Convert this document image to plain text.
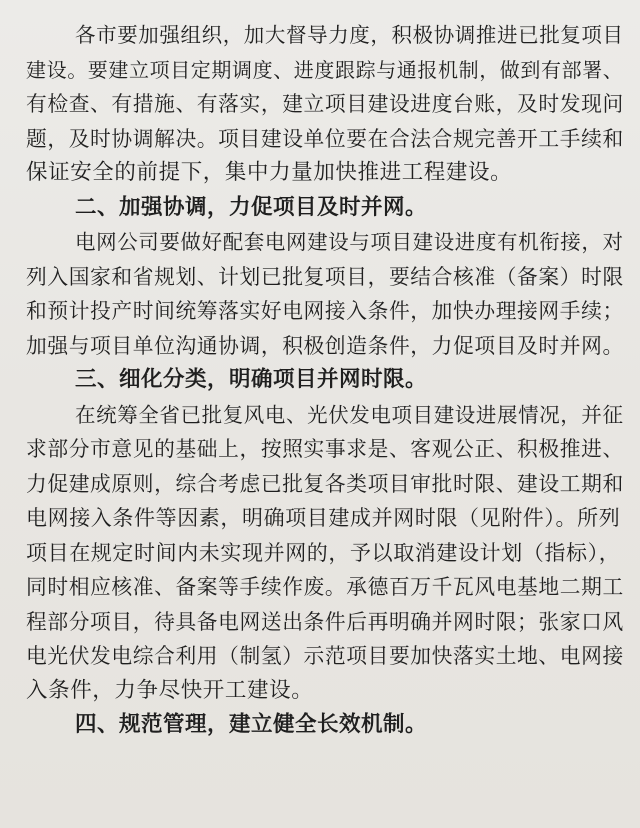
各市要加强组织，加大督导力度，积极协调推进已批复项目
建设。要建立项目定期调度、进度跟踪与通报机制，做到有部署、
有检查、有措施、有落实，建立项目建设进度台账，及时发现问
题，及时协调解决。项目建设单位要在合法合规完善开工手续和
保证安全的前提下，集中力量加快推进工程建设。
二、加强协调，力促项目及时并网。
电网公司要做好配套电网建设与项目建设进度有机衔接，对
列入国家和省规划、计划已批复项目，要结合核准（备案）时限
和预计投产时间统筹落实好电网接入条件，加快办理接网手续；
加强与项目单位沟通协调，积极创造条件，力促项目及时并网。
三、细化分类，明确项目并网时限。
在统筹全省已批复风电、光伏发电项目建设进展情况，并征
求部分市意见的基础上，按照实事求是、客观公正、积极推进、
力促建成原则，综合考虑已批复各类项目审批时限、建设工期和
电网接入条件等因素，明确项目建成并网时限（见附件）。所列
项目在规定时间内未实现并网的，予以取消建设计划（指标），
同时相应核准、备案等手续作废。承德百万千瓦风电基地二期工
程部分项目，待具备电网送出条件后再明确并网时限；张家口风
电光伏发电综合利用（制氢）示范项目要加快落实土地、电网接
入条件，力争尽快开工建设。
四、规范管理，建立健全长效机制。
